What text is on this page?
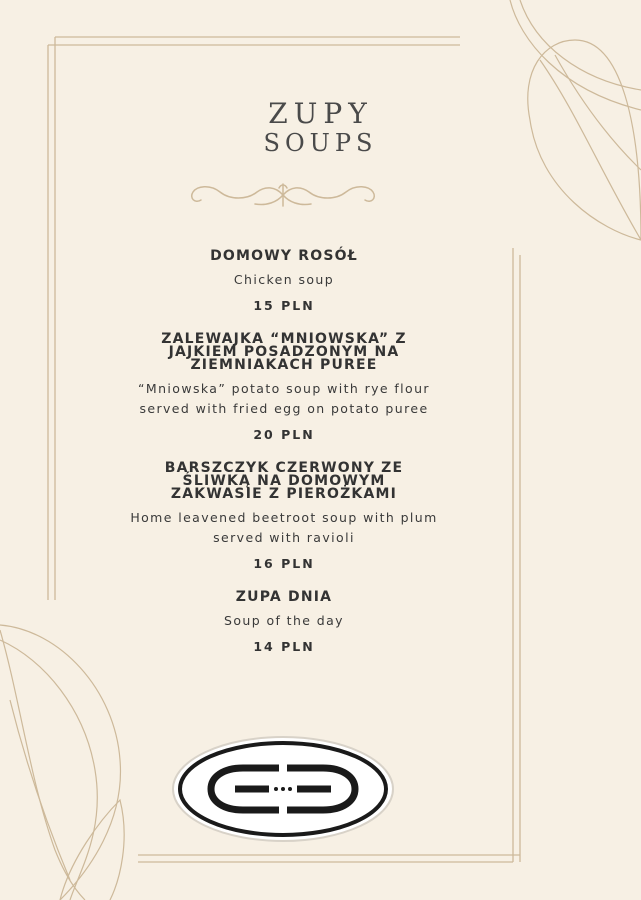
ZUPY
SOUPS
DOMOWY ROSÓŁ
Chicken soup
15 PLN
ZALEWAJKA “MNIOWSKA” Z JAJKIEM POSADZONYM NA ZIEMNIAKACH PUREE
“Mniowska” potato soup with rye flour served with fried egg on potato puree
20 PLN
BARSZCZYK CZERWONY ZE ŚLIWKĄ NA DOMOWYM ZAKWASIE Z PIEROŻKAMI
Home leavened beetroot soup with plum served with ravioli
16 PLN
ZUPA DNIA
Soup of the day
14 PLN
